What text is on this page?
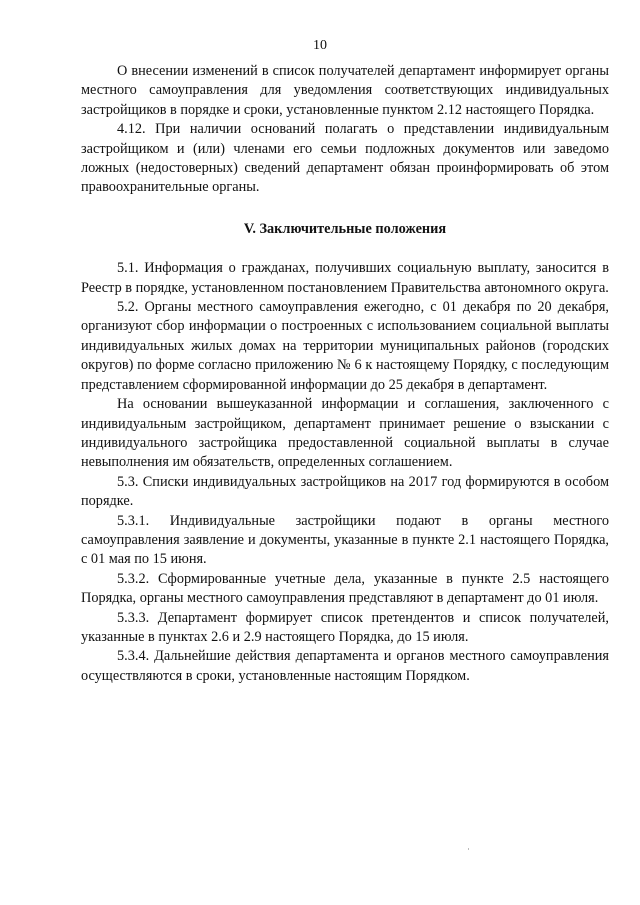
10

О внесении изменений в список получателей департамент информирует органы местного самоуправления для уведомления соответствующих индивидуальных застройщиков в порядке и сроки, установленные пунктом 2.12 настоящего Порядка.

4.12. При наличии оснований полагать о представлении индивидуальным застройщиком и (или) членами его семьи подложных документов или заведомо ложных (недостоверных) сведений департамент обязан проинформировать об этом правоохранительные органы.

V. Заключительные положения

5.1. Информация о гражданах, получивших социальную выплату, заносится в Реестр в порядке, установленном постановлением Правительства автономного округа.

5.2. Органы местного самоуправления ежегодно, с 01 декабря по 20 декабря, организуют сбор информации о построенных с использованием социальной выплаты индивидуальных жилых домах на территории муниципальных районов (городских округов) по форме согласно приложению № 6 к настоящему Порядку, с последующим представлением сформированной информации до 25 декабря в департамент.

На основании вышеуказанной информации и соглашения, заключенного с индивидуальным застройщиком, департамент принимает решение о взыскании с индивидуального застройщика предоставленной социальной выплаты в случае невыполнения им обязательств, определенных соглашением.

5.3. Списки индивидуальных застройщиков на 2017 год формируются в особом порядке.

5.3.1. Индивидуальные застройщики подают в органы местного самоуправления заявление и документы, указанные в пункте 2.1 настоящего Порядка, с 01 мая по 15 июня.

5.3.2. Сформированные учетные дела, указанные в пункте 2.5 настоящего Порядка, органы местного самоуправления представляют в департамент до 01 июля.

5.3.3. Департамент формирует список претендентов и список получателей, указанные в пунктах 2.6 и 2.9 настоящего Порядка, до 15 июля.

5.3.4. Дальнейшие действия департамента и органов местного самоуправления осуществляются в сроки, установленные настоящим Порядком.
